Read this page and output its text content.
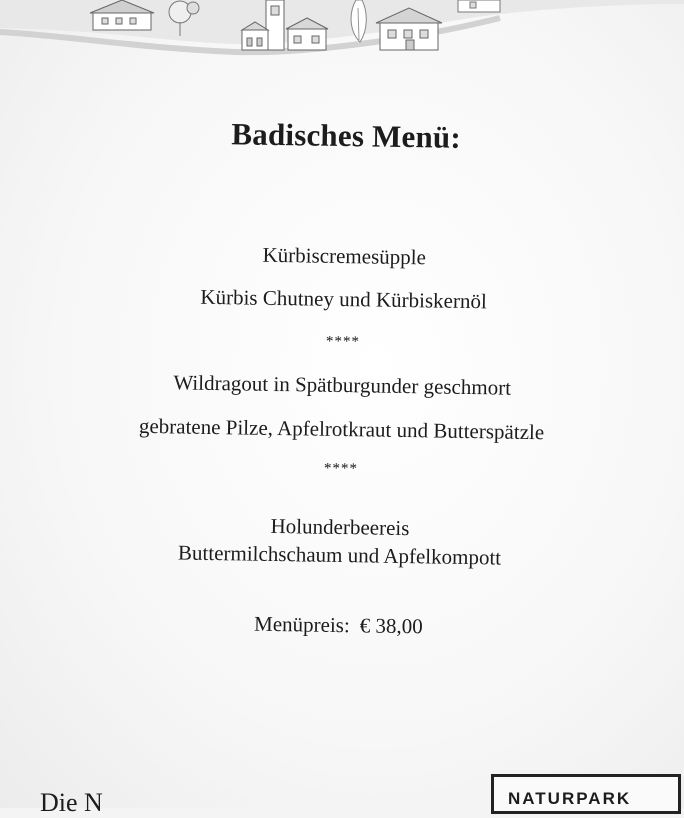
Badisches Menü:
Kürbiscremesüpple
Kürbis Chutney und Kürbiskernöl
****
Wildragout in Spätburgunder geschmort
gebratene Pilze, Apfelrotkraut und Butterspätzle
****
Holunderbeereis
Buttermilchschaum und Apfelkompott
Menüpreis: € 38,00
Die N	NATURPARK
